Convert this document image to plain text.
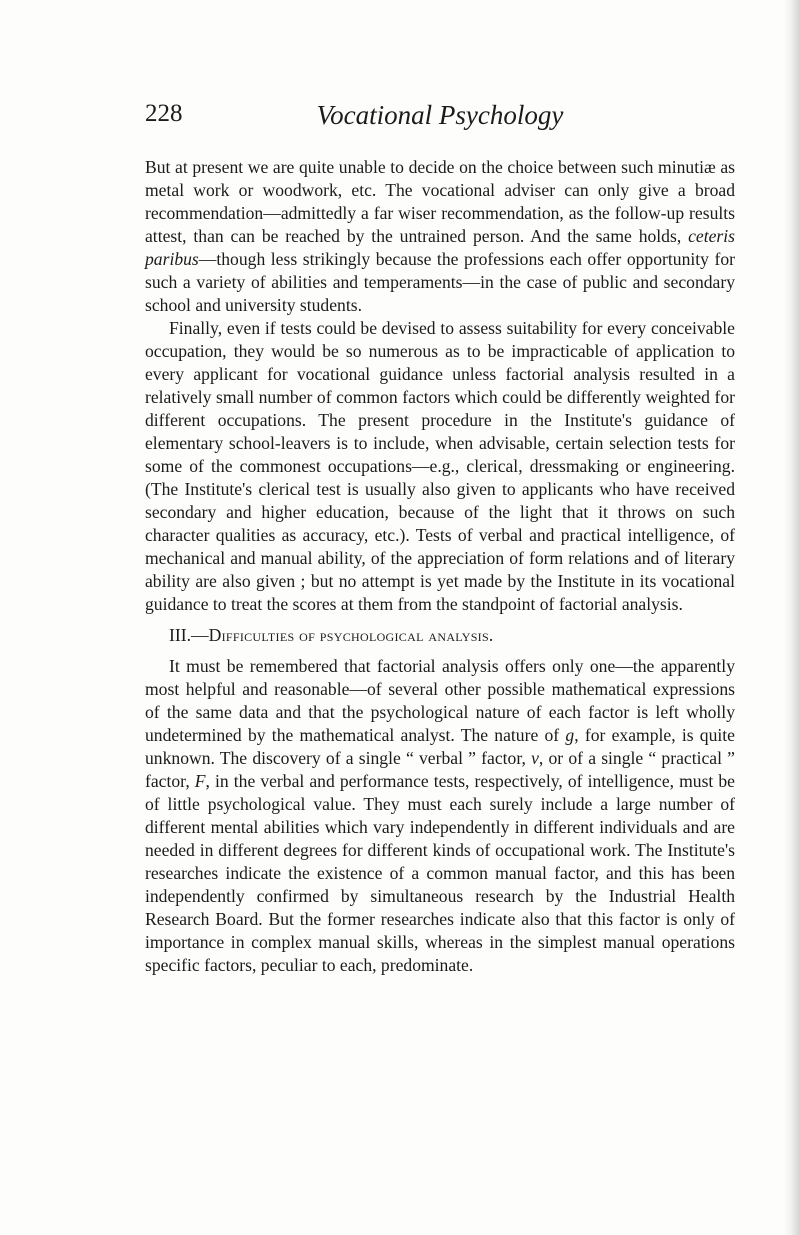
228	Vocational Psychology

But at present we are quite unable to decide on the choice between such minutiæ as metal work or woodwork, etc. The vocational adviser can only give a broad recommendation—admittedly a far wiser recommendation, as the follow-up results attest, than can be reached by the untrained person. And the same holds, ceteris paribus—though less strikingly because the professions each offer opportunity for such a variety of abilities and temperaments—in the case of public and secondary school and university students.

Finally, even if tests could be devised to assess suitability for every conceivable occupation, they would be so numerous as to be impracticable of application to every applicant for vocational guidance unless factorial analysis resulted in a relatively small number of common factors which could be differently weighted for different occupations. The present procedure in the Institute's guidance of elementary school-leavers is to include, when advisable, certain selection tests for some of the commonest occupations—e.g., clerical, dressmaking or engineering. (The Institute's clerical test is usually also given to applicants who have received secondary and higher education, because of the light that it throws on such character qualities as accuracy, etc.). Tests of verbal and practical intelligence, of mechanical and manual ability, of the appreciation of form relations and of literary ability are also given ; but no attempt is yet made by the Institute in its vocational guidance to treat the scores at them from the standpoint of factorial analysis.

III.—Difficulties of psychological analysis.

It must be remembered that factorial analysis offers only one—the apparently most helpful and reasonable—of several other possible mathematical expressions of the same data and that the psychological nature of each factor is left wholly undetermined by the mathematical analyst. The nature of g, for example, is quite unknown. The discovery of a single “ verbal ” factor, v, or of a single “ practical ” factor, F, in the verbal and performance tests, respectively, of intelligence, must be of little psychological value. They must each surely include a large number of different mental abilities which vary independently in different individuals and are needed in different degrees for different kinds of occupational work. The Institute's researches indicate the existence of a common manual factor, and this has been independently confirmed by simultaneous research by the Industrial Health Research Board. But the former researches indicate also that this factor is only of importance in complex manual skills, whereas in the simplest manual operations specific factors, peculiar to each, predominate.
